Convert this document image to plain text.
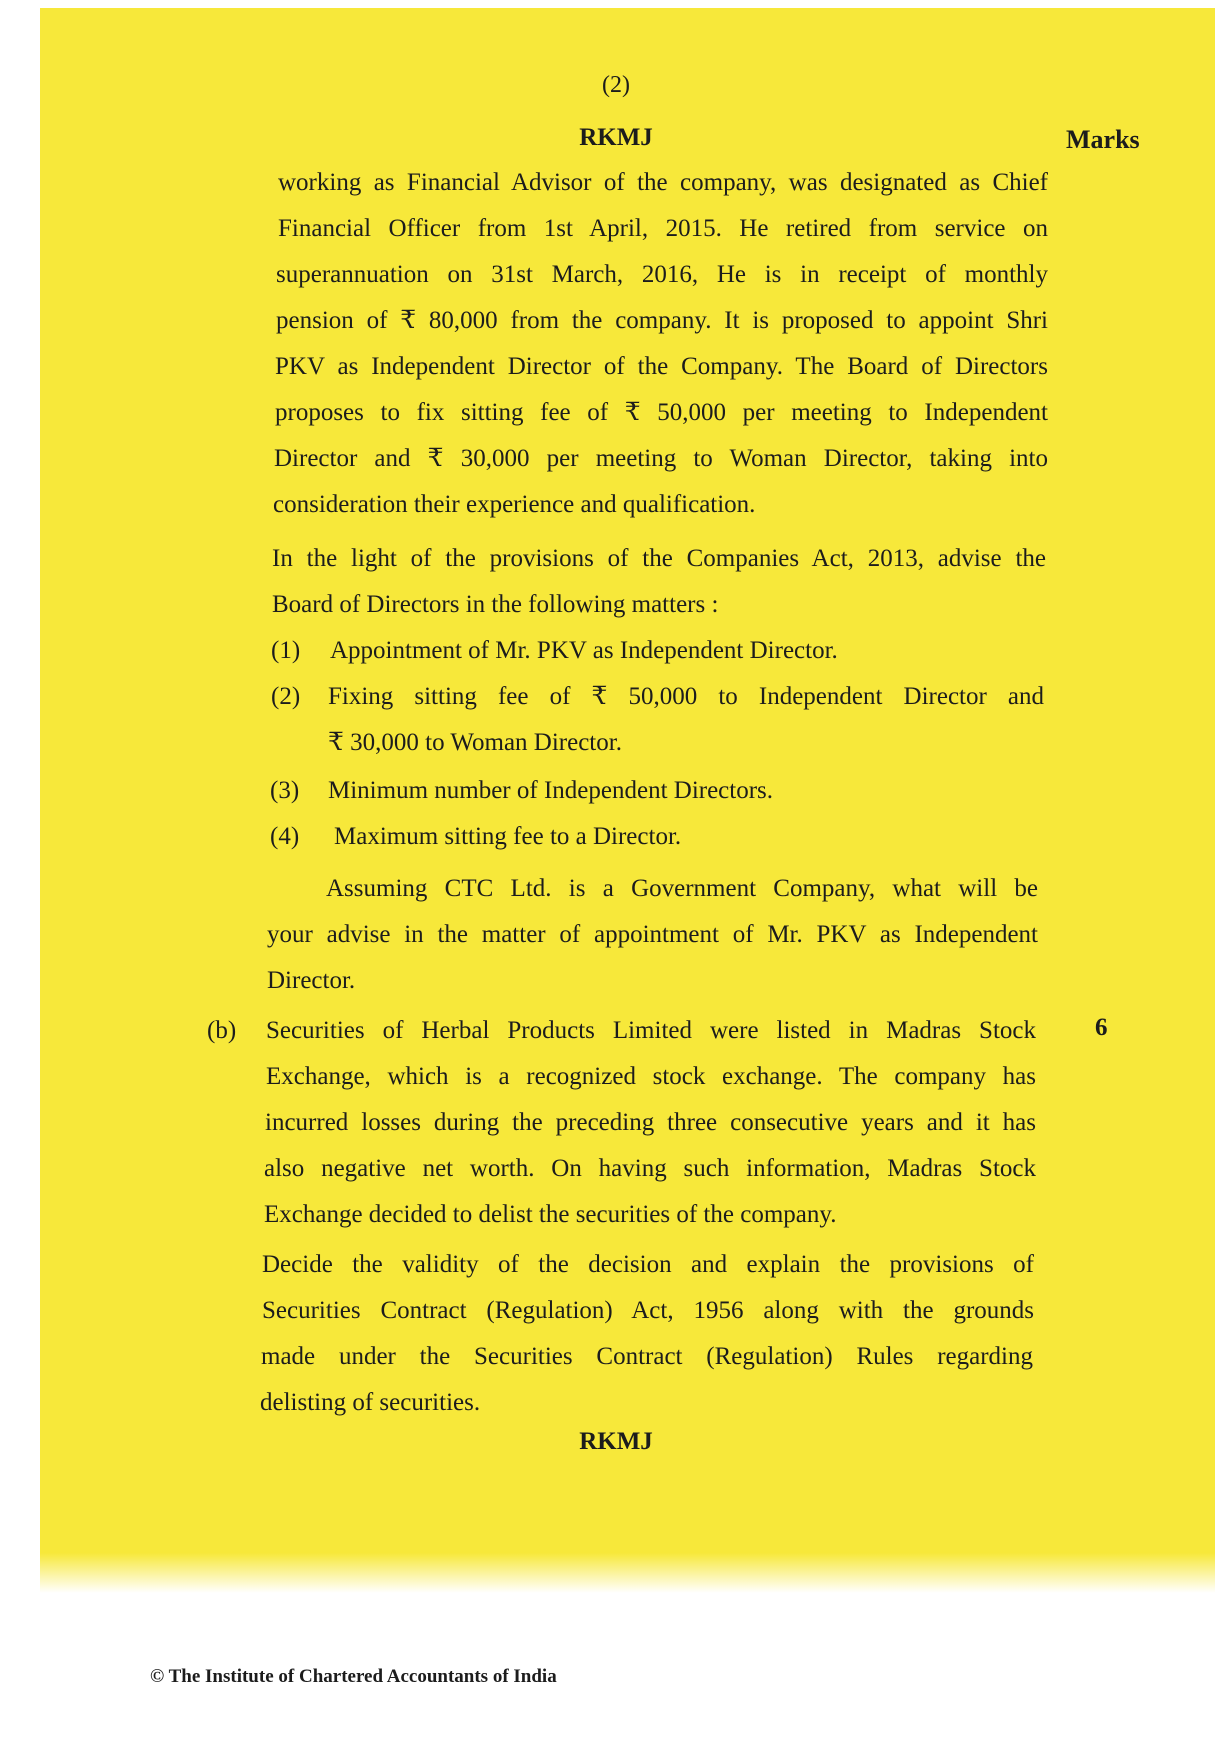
(2)
RKMJ	Marks
working as Financial Advisor of the company, was designated as Chief
Financial Officer from 1st April, 2015. He retired from service on
superannuation on 31st March, 2016, He is in receipt of monthly
pension of ₹ 80,000 from the company. It is proposed to appoint Shri
PKV as Independent Director of the Company. The Board of Directors
proposes to fix sitting fee of ₹ 50,000 per meeting to Independent
Director and ₹ 30,000 per meeting to Woman Director, taking into
consideration their experience and qualification.
In the light of the provisions of the Companies Act, 2013, advise the
Board of Directors in the following matters :
(1) Appointment of Mr. PKV as Independent Director.
(2) Fixing sitting fee of ₹ 50,000 to Independent Director and
₹ 30,000 to Woman Director.
(3) Minimum number of Independent Directors.
(4) Maximum sitting fee to a Director.
Assuming CTC Ltd. is a Government Company, what will be
your advise in the matter of appointment of Mr. PKV as Independent
Director.
(b)	6
Securities of Herbal Products Limited were listed in Madras Stock
Exchange, which is a recognized stock exchange. The company has
incurred losses during the preceding three consecutive years and it has
also negative net worth. On having such information, Madras Stock
Exchange decided to delist the securities of the company.
Decide the validity of the decision and explain the provisions of
Securities Contract (Regulation) Act, 1956 along with the grounds
made under the Securities Contract (Regulation) Rules regarding
delisting of securities.
RKMJ
© The Institute of Chartered Accountants of India
